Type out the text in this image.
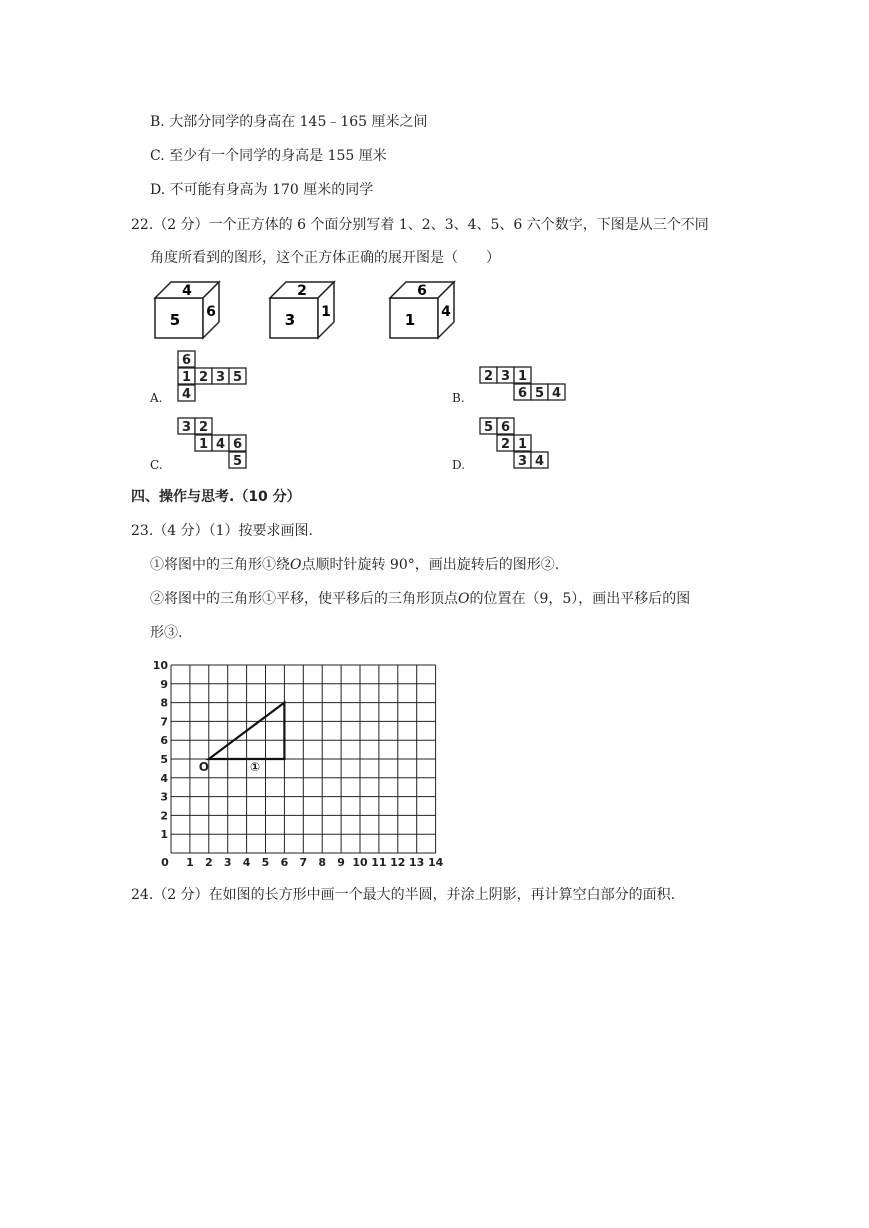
B. 大部分同学的身高在 145﹣165 厘米之间
C. 至少有一个同学的身高是 155 厘米
D. 不可能有身高为 170 厘米的同学
22.（2 分）一个正方体的 6 个面分别写着 1、2、3、4、5、6 六个数字，下图是从三个不同
角度所看到的图形，这个正方体正确的展开图是（　　）
4
5 6
2
3 1
6
1 4
A.
6
1 2 3 5
4	B.
2 3 1
6 5 4
C.
3 2
1 4 6
5	D.
5 6
2 1
3 4
四、操作与思考.（10 分）
23.（4 分）（1）按要求画图.
①将图中的三角形①绕O点顺时针旋转 90°，画出旋转后的图形②.
②将图中的三角形①平移，使平移后的三角形顶点O的位置在（9，5），画出平移后的图
形③.
0 1 2 3 4 5 6 7 8 9 10 11 12 13 14
1
2
3
4
5
6
7
8
9
10
O	①
24.（2 分）在如图的长方形中画一个最大的半圆，并涂上阴影，再计算空白部分的面积.
